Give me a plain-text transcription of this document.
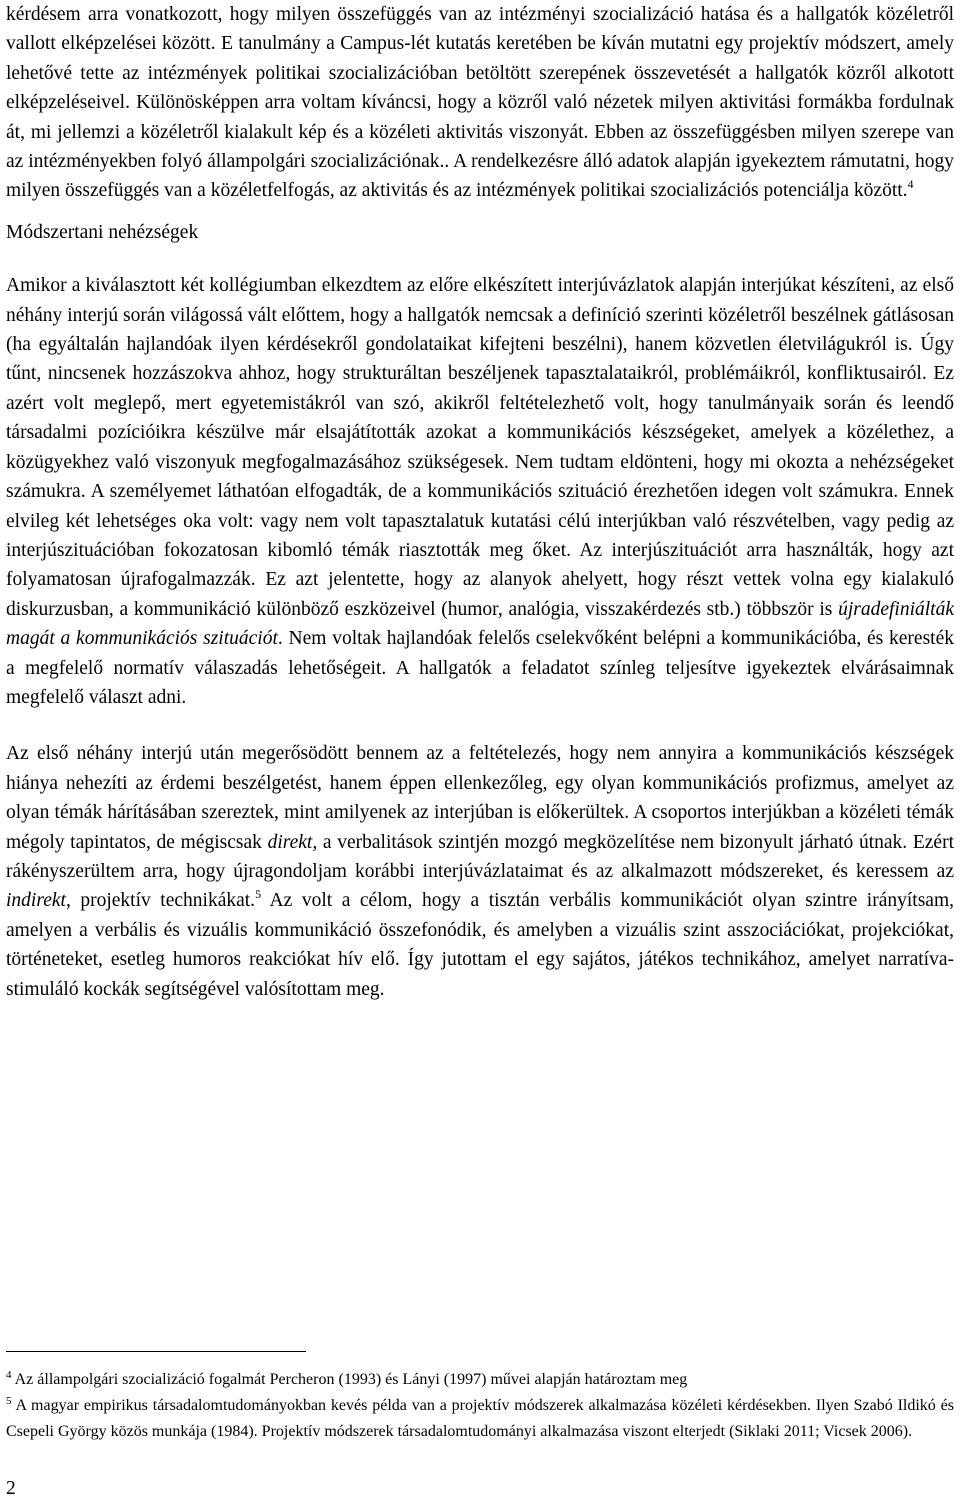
kérdésem arra vonatkozott, hogy milyen összefüggés van az intézményi szocializáció hatása és a hallgatók közéletről vallott elképzelései között. E tanulmány a Campus-lét kutatás keretében be kíván mutatni egy projektív módszert, amely lehetővé tette az intézmények politikai szocializációban betöltött szerepének összevetését a hallgatók közről alkotott elképzeléseivel. Különösképpen arra voltam kíváncsi, hogy a közről való nézetek milyen aktivitási formákba fordulnak át, mi jellemzi a közéletről kialakult kép és a közéleti aktivitás viszonyát. Ebben az összefüggésben milyen szerepe van az intézményekben folyó állampolgári szocializációnak.. A rendelkezésre álló adatok alapján igyekeztem rámutatni, hogy milyen összefüggés van a közéletfelfogás, az aktivitás és az intézmények politikai szocializációs potenciálja között.$^4$

Módszertani nehézségek

Amikor a kiválasztott két kollégiumban elkezdtem az előre elkészített interjúvázlatok alapján interjúkat készíteni, az első néhány interjú során világossá vált előttem, hogy a hallgatók nemcsak a definíció szerinti közéletről beszélnek gátlásosan (ha egyáltalán hajlandóak ilyen kérdésekről gondolataikat kifejteni beszélni), hanem közvetlen életvilágukról is. Úgy tűnt, nincsenek hozzászokva ahhoz, hogy strukturáltan beszéljenek tapasztalataikról, problémáikról, konfliktusairól. Ez azért volt meglepő, mert egyetemistákról van szó, akikről feltételezhető volt, hogy tanulmányaik során és leendő társadalmi pozícióikra készülve már elsajátították azokat a kommunikációs készségeket, amelyek a közélethez, a közügyekhez való viszonyuk megfogalmazásához szükségesek. Nem tudtam eldönteni, hogy mi okozta a nehézségeket számukra. A személyemet láthatóan elfogadták, de a kommunikációs szituáció érezhetően idegen volt számukra. Ennek elvileg két lehetséges oka volt: vagy nem volt tapasztalatuk kutatási célú interjúkban való részvételben, vagy pedig az interjúszituációban fokozatosan kibomló témák riasztották meg őket. Az interjúszituációt arra használták, hogy azt folyamatosan újrafogalmazzák. Ez azt jelentette, hogy az alanyok ahelyett, hogy részt vettek volna egy kialakuló diskurzusban, a kommunikáció különböző eszközeivel (humor, analógia, visszakérdezés stb.) többször is újradefiniálták magát a kommunikációs szituációt. Nem voltak hajlandóak felelős cselekvőként belépni a kommunikációba, és keresték a megfelelő normatív válaszadás lehetőségeit. A hallgatók a feladatot színleg teljesítve igyekeztek elvárásaimnak megfelelő választ adni.

Az első néhány interjú után megerősödött bennem az a feltételezés, hogy nem annyira a kommunikációs készségek hiánya nehezíti az érdemi beszélgetést, hanem éppen ellenkezőleg, egy olyan kommunikációs profizmus, amelyet az olyan témák hárításában szereztek, mint amilyenek az interjúban is előkerültek. A csoportos interjúkban a közéleti témák mégoly tapintatos, de mégiscsak direkt, a verbalitások szintjén mozgó megközelítése nem bizonyult járható útnak. Ezért rákényszerültem arra, hogy újragondoljam korábbi interjúvázlataimat és az alkalmazott módszereket, és keressem az indirekt, projektív technikákat.$^5$ Az volt a célom, hogy a tisztán verbális kommunikációt olyan szintre irányítsam, amelyen a verbális és vizuális kommunikáció összefonódik, és amelyben a vizuális szint asszociációkat, projekciókat, történeteket, esetleg humoros reakciókat hív elő. Így jutottam el egy sajátos, játékos technikához, amelyet narratíva-stimuláló kockák segítségével valósítottam meg.

$^4$ Az állampolgári szocializáció fogalmát Percheron (1993) és Lányi (1997) művei alapján határoztam meg

$^5$ A magyar empirikus társadalomtudományokban kevés példa van a projektív módszerek alkalmazása közéleti kérdésekben. Ilyen Szabó Ildikó és Csepeli György közös munkája (1984). Projektív módszerek társadalomtudományi alkalmazása viszont elterjedt (Siklaki 2011; Vicsek 2006).

2
